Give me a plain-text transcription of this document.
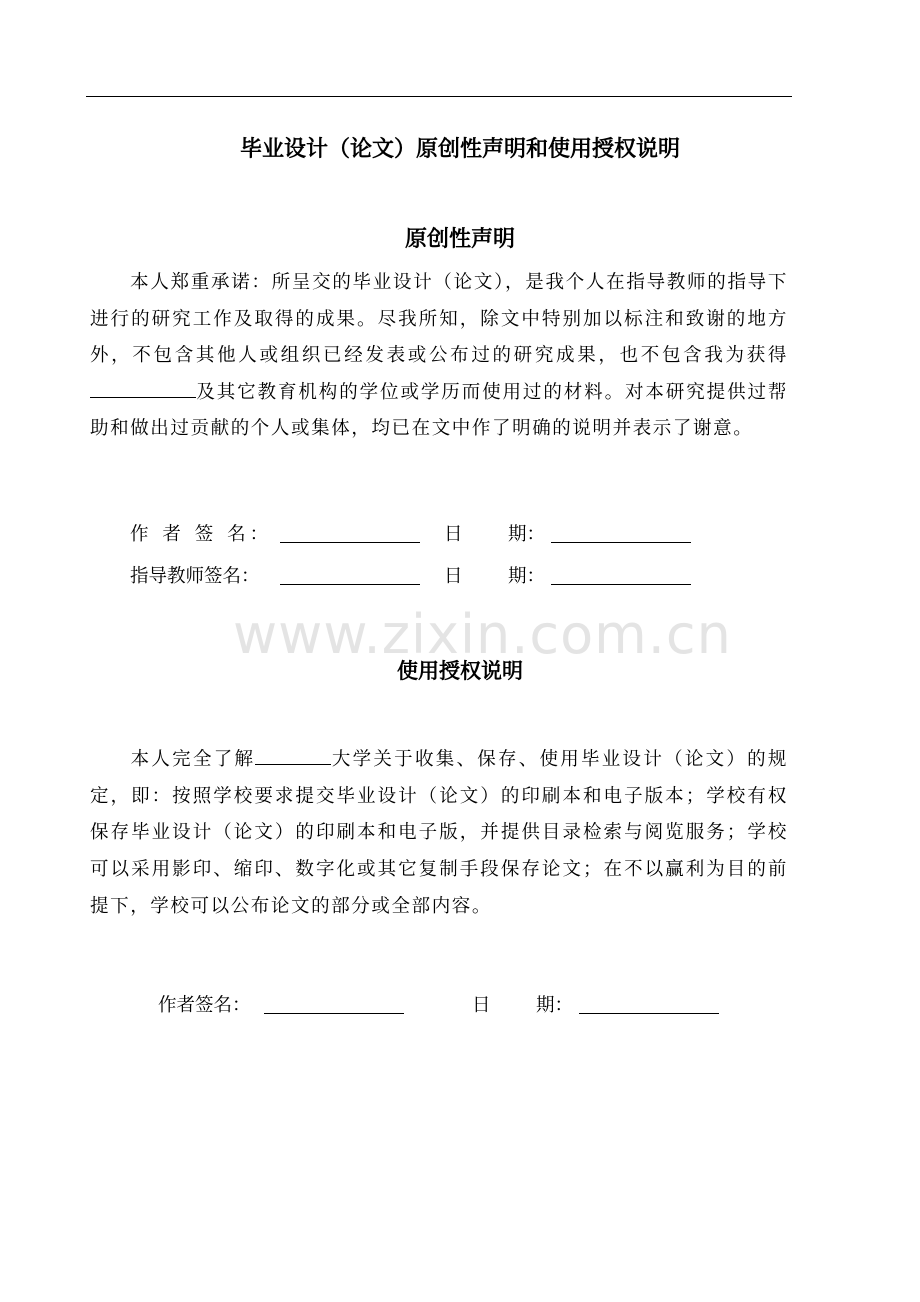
毕业设计（论文）原创性声明和使用授权说明
原创性声明

本人郑重承诺：所呈交的毕业设计（论文），是我个人在指导教师的指导下进行的研究工作及取得的成果。尽我所知，除文中特别加以标注和致谢的地方外，不包含其他人或组织已经发表或公布过的研究成果，也不包含我为获得及其它教育机构的学位或学历而使用过的材料。对本研究提供过帮助和做出过贡献的个人或集体，均已在文中作了明确的说明并表示了谢意。

作 者 签 名：	日 期：
指导教师签名：	日 期：
www.zixin.com.cn
使用授权说明

本人完全了解	大学关于收集、保存、使用毕业设计（论文）的规定，即：按照学校要求提交毕业设计（论文）的印刷本和电子版本；学校有权保存毕业设计（论文）的印刷本和电子版，并提供目录检索与阅览服务；学校可以采用影印、缩印、数字化或其它复制手段保存论文；在不以赢利为目的前提下，学校可以公布论文的部分或全部内容。

作者签名：	日 期：
